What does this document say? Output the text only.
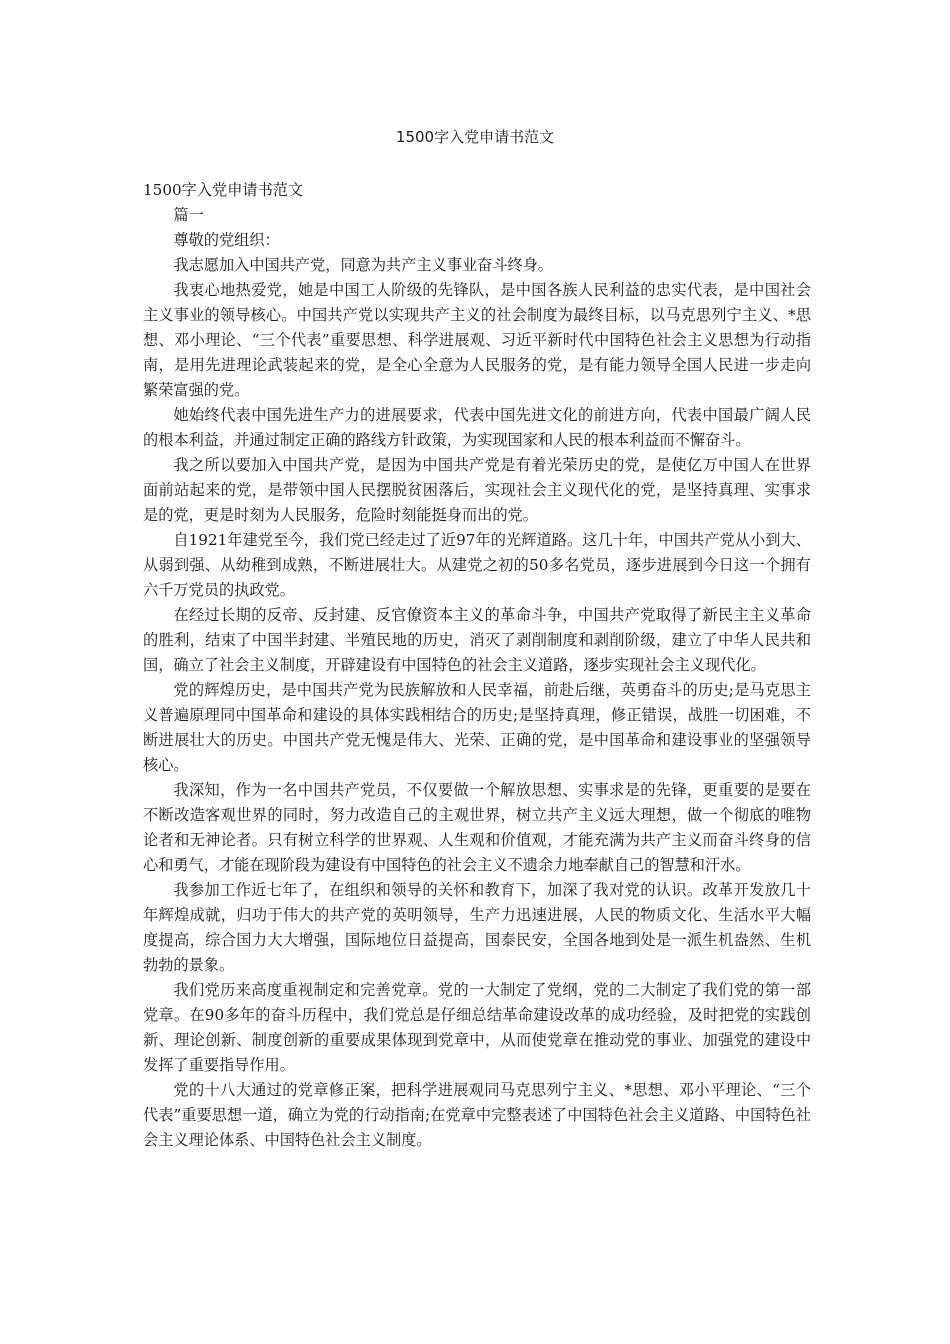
1500字入党申请书范文

1500字入党申请书范文

篇一

尊敬的党组织：

我志愿加入中国共产党，同意为共产主义事业奋斗终身。

我衷心地热爱党，她是中国工人阶级的先锋队，是中国各族人民利益的忠实代表，是中国社会主义事业的领导核心。中国共产党以实现共产主义的社会制度为最终目标，以马克思列宁主义、*思想、邓小理论、“三个代表”重要思想、科学进展观、习近平新时代中国特色社会主义思想为行动指南，是用先进理论武装起来的党，是全心全意为人民服务的党，是有能力领导全国人民进一步走向繁荣富强的党。

她始终代表中国先进生产力的进展要求，代表中国先进文化的前进方向，代表中国最广阔人民的根本利益，并通过制定正确的路线方针政策，为实现国家和人民的根本利益而不懈奋斗。

我之所以要加入中国共产党，是因为中国共产党是有着光荣历史的党，是使亿万中国人在世界面前站起来的党，是带领中国人民摆脱贫困落后，实现社会主义现代化的党，是坚持真理、实事求是的党，更是时刻为人民服务，危险时刻能挺身而出的党。

自1921年建党至今，我们党已经走过了近97年的光辉道路。这几十年，中国共产党从小到大、从弱到强、从幼稚到成熟，不断进展壮大。从建党之初的50多名党员，逐步进展到今日这一个拥有六千万党员的执政党。

在经过长期的反帝、反封建、反官僚资本主义的革命斗争，中国共产党取得了新民主主义革命的胜利，结束了中国半封建、半殖民地的历史，消灭了剥削制度和剥削阶级，建立了中华人民共和国，确立了社会主义制度，开辟建设有中国特色的社会主义道路，逐步实现社会主义现代化。

党的辉煌历史，是中国共产党为民族解放和人民幸福，前赴后继，英勇奋斗的历史;是马克思主义普遍原理同中国革命和建设的具体实践相结合的历史;是坚持真理，修正错误，战胜一切困难，不断进展壮大的历史。中国共产党无愧是伟大、光荣、正确的党，是中国革命和建设事业的坚强领导核心。

我深知，作为一名中国共产党员，不仅要做一个解放思想、实事求是的先锋，更重要的是要在不断改造客观世界的同时，努力改造自己的主观世界，树立共产主义远大理想，做一个彻底的唯物论者和无神论者。只有树立科学的世界观、人生观和价值观，才能充满为共产主义而奋斗终身的信心和勇气，才能在现阶段为建设有中国特色的社会主义不遗余力地奉献自己的智慧和汗水。

我参加工作近七年了，在组织和领导的关怀和教育下，加深了我对党的认识。改革开发放几十年辉煌成就，归功于伟大的共产党的英明领导，生产力迅速进展，人民的物质文化、生活水平大幅度提高，综合国力大大增强，国际地位日益提高，国泰民安，全国各地到处是一派生机盎然、生机勃勃的景象。

我们党历来高度重视制定和完善党章。党的一大制定了党纲，党的二大制定了我们党的第一部党章。在90多年的奋斗历程中，我们党总是仔细总结革命建设改革的成功经验，及时把党的实践创新、理论创新、制度创新的重要成果体现到党章中，从而使党章在推动党的事业、加强党的建设中发挥了重要指导作用。

党的十八大通过的党章修正案，把科学进展观同马克思列宁主义、*思想、邓小平理论、“三个代表”重要思想一道，确立为党的行动指南;在党章中完整表述了中国特色社会主义道路、中国特色社会主义理论体系、中国特色社会主义制度。
